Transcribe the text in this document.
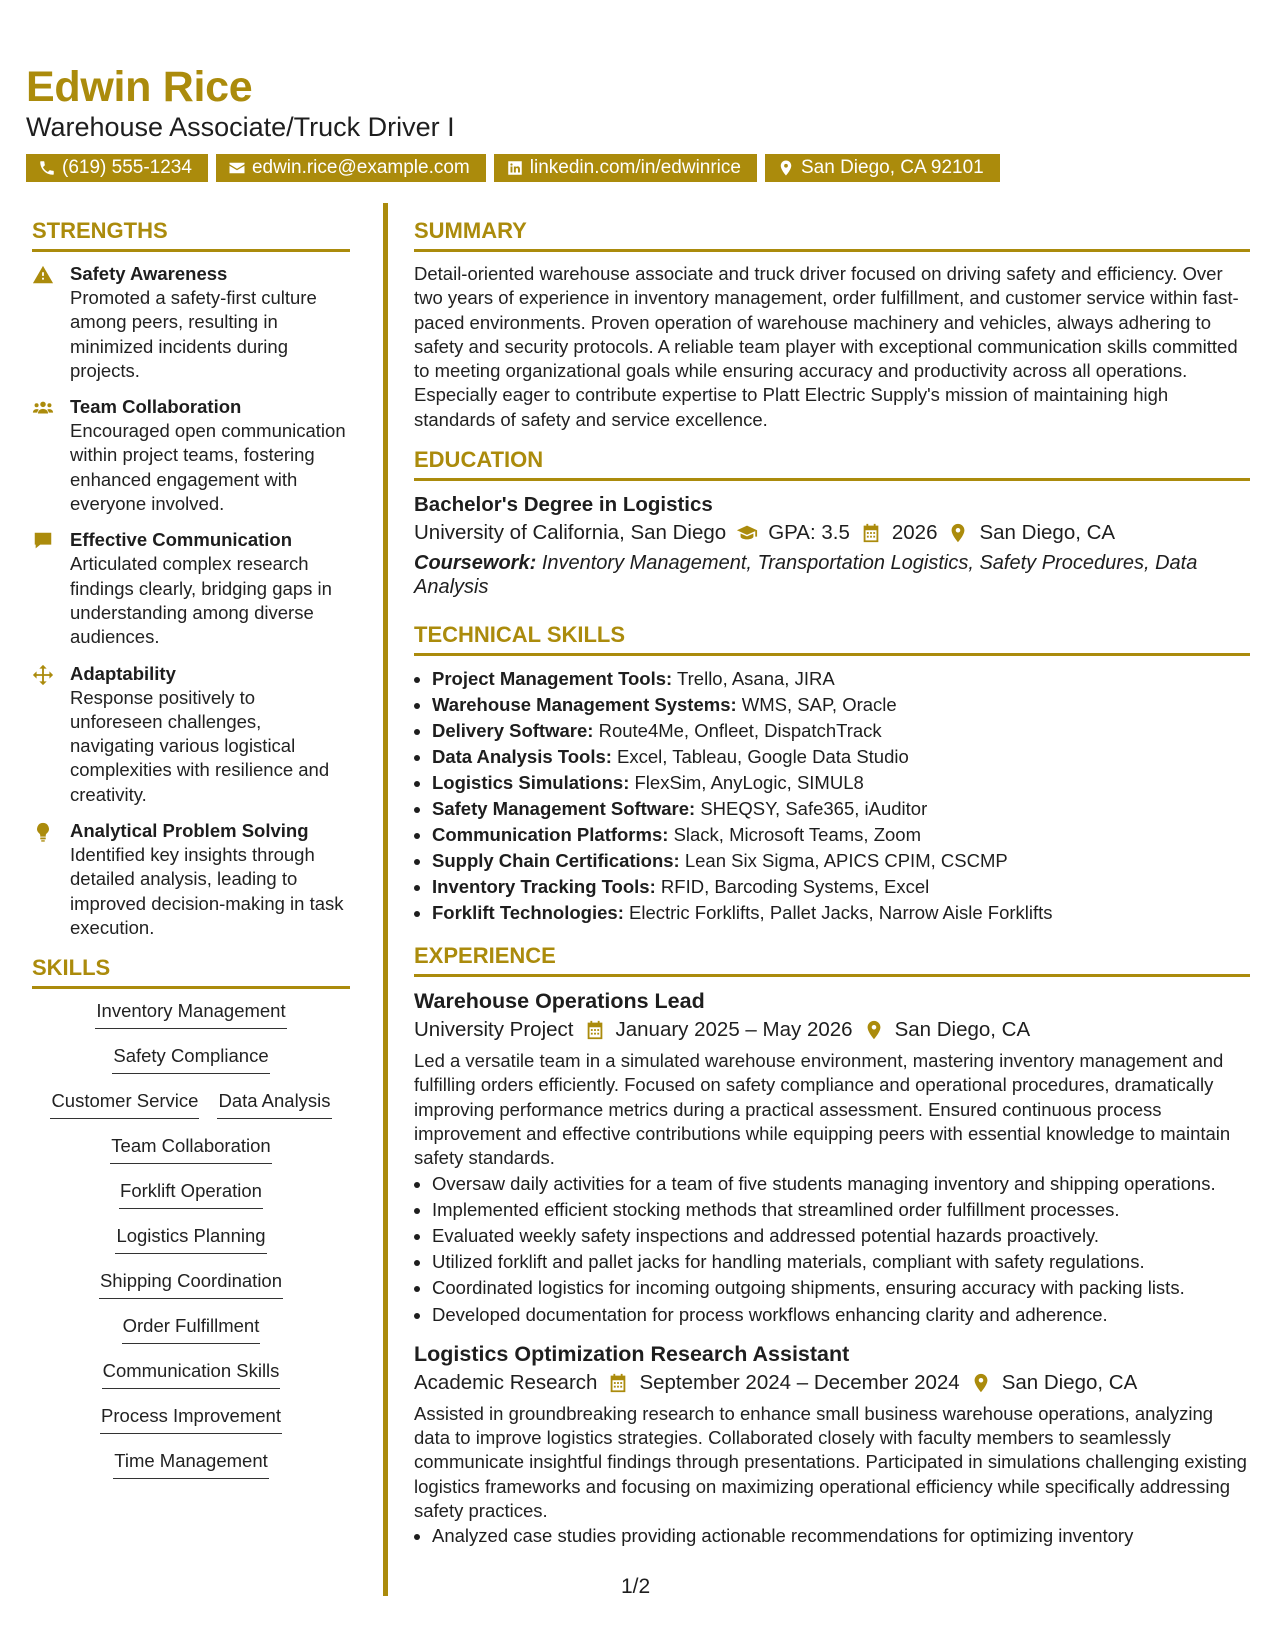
Edwin Rice
Warehouse Associate/Truck Driver I
(619) 555-1234	edwin.rice@example.com	linkedin.com/in/edwinrice	San Diego, CA 92101
STRENGTHS
Safety Awareness
Promoted a safety-first culture among peers, resulting in minimized incidents during projects.
Team Collaboration
Encouraged open communication within project teams, fostering enhanced engagement with everyone involved.
Effective Communication
Articulated complex research findings clearly, bridging gaps in understanding among diverse audiences.
Adaptability
Response positively to unforeseen challenges, navigating various logistical complexities with resilience and creativity.
Analytical Problem Solving
Identified key insights through detailed analysis, leading to improved decision-making in task execution.
SKILLS
Inventory Management
Safety Compliance
Customer Service Data Analysis
Team Collaboration
Forklift Operation
Logistics Planning
Shipping Coordination
Order Fulfillment
Communication Skills
Process Improvement
Time Management
SUMMARY

Detail-oriented warehouse associate and truck driver focused on driving safety and efficiency. Over two years of experience in inventory management, order fulfillment, and customer service within fast-paced environments. Proven operation of warehouse machinery and vehicles, always adhering to safety and security protocols. A reliable team player with exceptional communication skills committed to meeting organizational goals while ensuring accuracy and productivity across all operations. Especially eager to contribute expertise to Platt Electric Supply's mission of maintaining high standards of safety and service excellence.

EDUCATION
Bachelor's Degree in Logistics
University of California, San Diego GPA: 3.5 2026 San Diego, CA
Coursework: Inventory Management, Transportation Logistics, Safety Procedures, Data Analysis
TECHNICAL SKILLS
• Project Management Tools: Trello, Asana, JIRA
• Warehouse Management Systems: WMS, SAP, Oracle
• Delivery Software: Route4Me, Onfleet, DispatchTrack
• Data Analysis Tools: Excel, Tableau, Google Data Studio
• Logistics Simulations: FlexSim, AnyLogic, SIMUL8
• Safety Management Software: SHEQSY, Safe365, iAuditor
• Communication Platforms: Slack, Microsoft Teams, Zoom
• Supply Chain Certifications: Lean Six Sigma, APICS CPIM, CSCMP
• Inventory Tracking Tools: RFID, Barcoding Systems, Excel
• Forklift Technologies: Electric Forklifts, Pallet Jacks, Narrow Aisle Forklifts
EXPERIENCE
Warehouse Operations Lead
University Project January 2025 – May 2026 San Diego, CA

Led a versatile team in a simulated warehouse environment, mastering inventory management and fulfilling orders efficiently. Focused on safety compliance and operational procedures, dramatically improving performance metrics during a practical assessment. Ensured continuous process improvement and effective contributions while equipping peers with essential knowledge to maintain safety standards.

• Oversaw daily activities for a team of five students managing inventory and shipping operations.
• Implemented efficient stocking methods that streamlined order fulfillment processes.
• Evaluated weekly safety inspections and addressed potential hazards proactively.
• Utilized forklift and pallet jacks for handling materials, compliant with safety regulations.
• Coordinated logistics for incoming outgoing shipments, ensuring accuracy with packing lists.
• Developed documentation for process workflows enhancing clarity and adherence.
Logistics Optimization Research Assistant
Academic Research September 2024 – December 2024 San Diego, CA

Assisted in groundbreaking research to enhance small business warehouse operations, analyzing data to improve logistics strategies. Collaborated closely with faculty members to seamlessly communicate insightful findings through presentations. Participated in simulations challenging existing logistics frameworks and focusing on maximizing operational efficiency while specifically addressing safety practices.

• Analyzed case studies providing actionable recommendations for optimizing inventory
1/2
